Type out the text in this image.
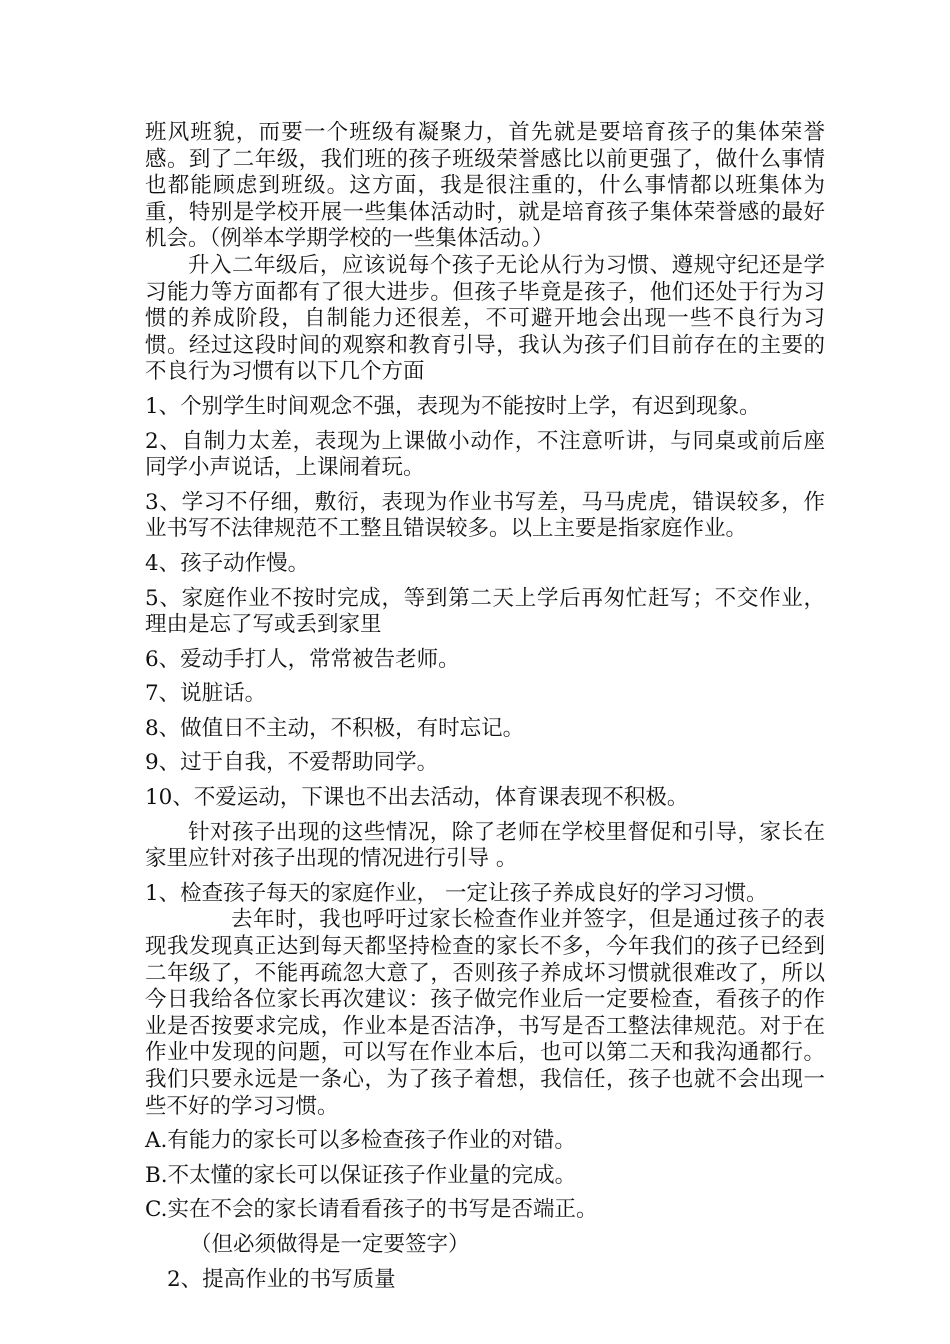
班风班貌，而要一个班级有凝聚力，首先就是要培育孩子的集体荣誉感。到了二年级，我们班的孩子班级荣誉感比以前更强了，做什么事情也都能顾虑到班级。这方面，我是很注重的，什么事情都以班集体为重，特别是学校开展一些集体活动时，就是培育孩子集体荣誉感的最好机会。（例举本学期学校的一些集体活动。）

升入二年级后，应该说每个孩子无论从行为习惯、遵规守纪还是学习能力等方面都有了很大进步。但孩子毕竟是孩子，他们还处于行为习惯的养成阶段，自制能力还很差，不可避开地会出现一些不良行为习惯。经过这段时间的观察和教育引导，我认为孩子们目前存在的主要的不良行为习惯有以下几个方面

1、个别学生时间观念不强，表现为不能按时上学，有迟到现象。

2、自制力太差，表现为上课做小动作，不注意听讲，与同桌或前后座同学小声说话，上课闹着玩。

3、学习不仔细，敷衍，表现为作业书写差，马马虎虎，错误较多，作业书写不法律规范不工整且错误较多。以上主要是指家庭作业。

4、孩子动作慢。

5、家庭作业不按时完成，等到第二天上学后再匆忙赶写；不交作业，理由是忘了写或丢到家里

6、爱动手打人，常常被告老师。

7、说脏话。

8、做值日不主动，不积极，有时忘记。

9、过于自我，不爱帮助同学。

10、不爱运动，下课也不出去活动，体育课表现不积极。

针对孩子出现的这些情况，除了老师在学校里督促和引导，家长在家里应针对孩子出现的情况进行引导 。

1、检查孩子每天的家庭作业， 一定让孩子养成良好的学习习惯。

去年时，我也呼吁过家长检查作业并签字，但是通过孩子的表现我发现真正达到每天都坚持检查的家长不多，今年我们的孩子已经到二年级了，不能再疏忽大意了，否则孩子养成坏习惯就很难改了，所以今日我给各位家长再次建议：孩子做完作业后一定要检查，看孩子的作业是否按要求完成，作业本是否洁净，书写是否工整法律规范。对于在作业中发现的问题，可以写在作业本后，也可以第二天和我沟通都行。我们只要永远是一条心，为了孩子着想，我信任，孩子也就不会出现一些不好的学习习惯。

A.有能力的家长可以多检查孩子作业的对错。

B.不太懂的家长可以保证孩子作业量的完成。

C.实在不会的家长请看看孩子的书写是否端正。

（但必须做得是一定要签字）

2、提高作业的书写质量
